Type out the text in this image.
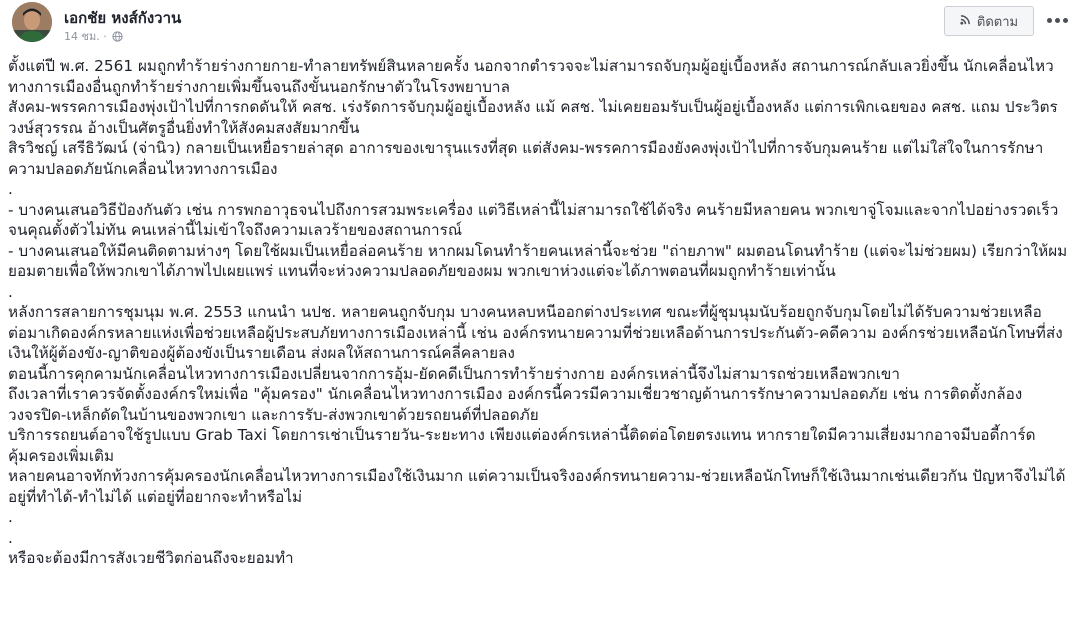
เอกชัย หงส์กังวาน
14 ชม. ·
ติดตาม

ตั้งแต่ปี พ.ศ. 2561 ผมถูกทำร้ายร่างกายกาย-ทำลายทรัพย์สินหลายครั้ง นอกจากตำรวจจะไม่สามารถจับกุมผู้อยู่เบื้องหลัง สถานการณ์กลับเลวยิ่งขึ้น นักเคลื่อนไหวทางการเมืองอื่นถูกทำร้ายร่างกายเพิ่มขึ้นจนถึงขั้นนอกรักษาตัวในโรงพยาบาล

สังคม-พรรคการเมืองพุ่งเป้าไปที่การกดดันให้ คสช. เร่งรัดการจับกุมผู้อยู่เบื้องหลัง แม้ คสช. ไม่เคยยอมรับเป็นผู้อยู่เบื้องหลัง แต่การเพิกเฉยของ คสช. แถม ประวิตร วงษ์สุวรรณ อ้างเป็นศัตรูอื่นยิ่งทำให้สังคมสงสัยมากขึ้น

สิรวิชญ์ เสรีธิวัฒน์ (จ่านิว) กลายเป็นเหยื่อรายล่าสุด อาการของเขารุนแรงที่สุด แต่สังคม-พรรคการมืองยังคงพุ่งเป้าไปที่การจับกุมคนร้าย แต่ไม่ใส่ใจในการรักษาความปลอดภัยนักเคลื่อนไหวทางการเมือง

.

- บางคนเสนอวิธีป้องกันตัว เช่น การพกอาวุธจนไปถึงการสวมพระเครื่อง แต่วิธีเหล่านี้ไม่สามารถใช้ได้จริง คนร้ายมีหลายคน พวกเขาจู่โจมและจากไปอย่างรวดเร็วจนคุณตั้งตัวไม่ทัน คนเหล่านี้ไม่เข้าใจถึงความเลวร้ายของสถานการณ์

- บางคนเสนอให้มีคนติดตามห่างๆ โดยใช้ผมเป็นเหยื่อล่อคนร้าย หากผมโดนทำร้ายคนเหล่านี้จะช่วย "ถ่ายภาพ" ผมตอนโดนทำร้าย (แต่จะไม่ช่วยผม) เรียกว่าให้ผมยอมตายเพื่อให้พวกเขาได้ภาพไปเผยแพร่ แทนที่จะห่วงความปลอดภัยของผม พวกเขาห่วงแต่จะได้ภาพตอนที่ผมถูกทำร้ายเท่านั้น

.

หลังการสลายการชุมนุม พ.ศ. 2553 แกนนำ นปช. หลายคนถูกจับกุม บางคนหลบหนีออกต่างประเทศ ขณะที่ผู้ชุมนุมนับร้อยถูกจับกุมโดยไม่ได้รับความช่วยเหลือ

ต่อมาเกิดองค์กรหลายแห่งเพื่อช่วยเหลือผู้ประสบภัยทางการเมืองเหล่านี้ เช่น องค์กรทนายความที่ช่วยเหลือด้านการประกันตัว-คดีความ องค์กรช่วยเหลือนักโทษที่ส่งเงินให้ผู้ต้องขัง-ญาติของผู้ต้องขังเป็นรายเดือน ส่งผลให้สถานการณ์คลี่คลายลง

ตอนนี้การคุกคามนักเคลื่อนไหวทางการเมืองเปลี่ยนจากการอุ้ม-ยัดคดีเป็นการทำร้ายร่างกาย องค์กรเหล่านี้จึงไม่สามารถช่วยเหลือพวกเขา

ถึงเวลาที่เราควรจัดตั้งองค์กรใหม่เพื่อ "คุ้มครอง" นักเคลื่อนไหวทางการเมือง องค์กรนี้ควรมีความเชี่ยวชาญด้านการรักษาความปลอดภัย เช่น การติดตั้งกล้องวงจรปิด-เหล็กดัดในบ้านของพวกเขา และการรับ-ส่งพวกเขาด้วยรถยนต์ที่ปลอดภัย

บริการรถยนต์อาจใช้รูปแบบ Grab Taxi โดยการเช่าเป็นรายวัน-ระยะทาง เพียงแต่องค์กรเหล่านี้ติดต่อโดยตรงแทน หากรายใดมีความเสี่ยงมากอาจมีบอดี้การ์ดคุ้มครองเพิ่มเติม

หลายคนอาจทักท้วงการคุ้มครองนักเคลื่อนไหวทางการเมืองใช้เงินมาก แต่ความเป็นจริงองค์กรทนายความ-ช่วยเหลือนักโทษก็ใช้เงินมากเช่นเดียวกัน ปัญหาจึงไม่ได้อยู่ที่ทำได้-ทำไม่ได้ แต่อยู่ที่อยากจะทำหรือไม่

.

.

หรือจะต้องมีการสังเวยชีวิตก่อนถึงจะยอมทำ
